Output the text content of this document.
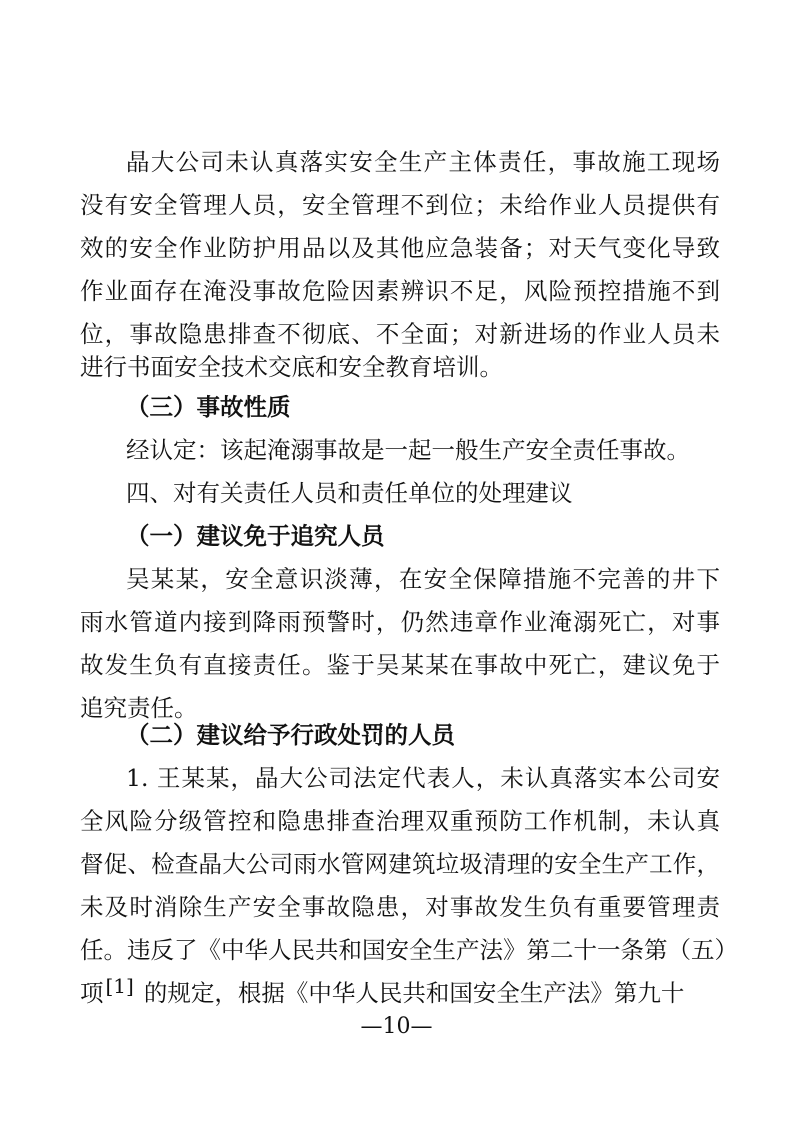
晶大公司未认真落实安全生产主体责任，事故施工现场

没有安全管理人员，安全管理不到位；未给作业人员提供有

效的安全作业防护用品以及其他应急装备；对天气变化导致

作业面存在淹没事故危险因素辨识不足，风险预控措施不到

位，事故隐患排查不彻底、不全面；对新进场的作业人员未

进行书面安全技术交底和安全教育培训。

（三）事故性质

经认定：该起淹溺事故是一起一般生产安全责任事故。

四、对有关责任人员和责任单位的处理建议

（一）建议免于追究人员

吴某某，安全意识淡薄，在安全保障措施不完善的井下

雨水管道内接到降雨预警时，仍然违章作业淹溺死亡，对事

故发生负有直接责任。鉴于吴某某在事故中死亡，建议免于

追究责任。

（二）建议给予行政处罚的人员

1. 王某某，晶大公司法定代表人，未认真落实本公司安

全风险分级管控和隐患排查治理双重预防工作机制，未认真

督促、检查晶大公司雨水管网建筑垃圾清理的安全生产工作，

未及时消除生产安全事故隐患，对事故发生负有重要管理责

任。违反了《中华人民共和国安全生产法》第二十一条第（五）

项 [1] 的规定，根据《中华人民共和国安全生产法》第九十

—10—
